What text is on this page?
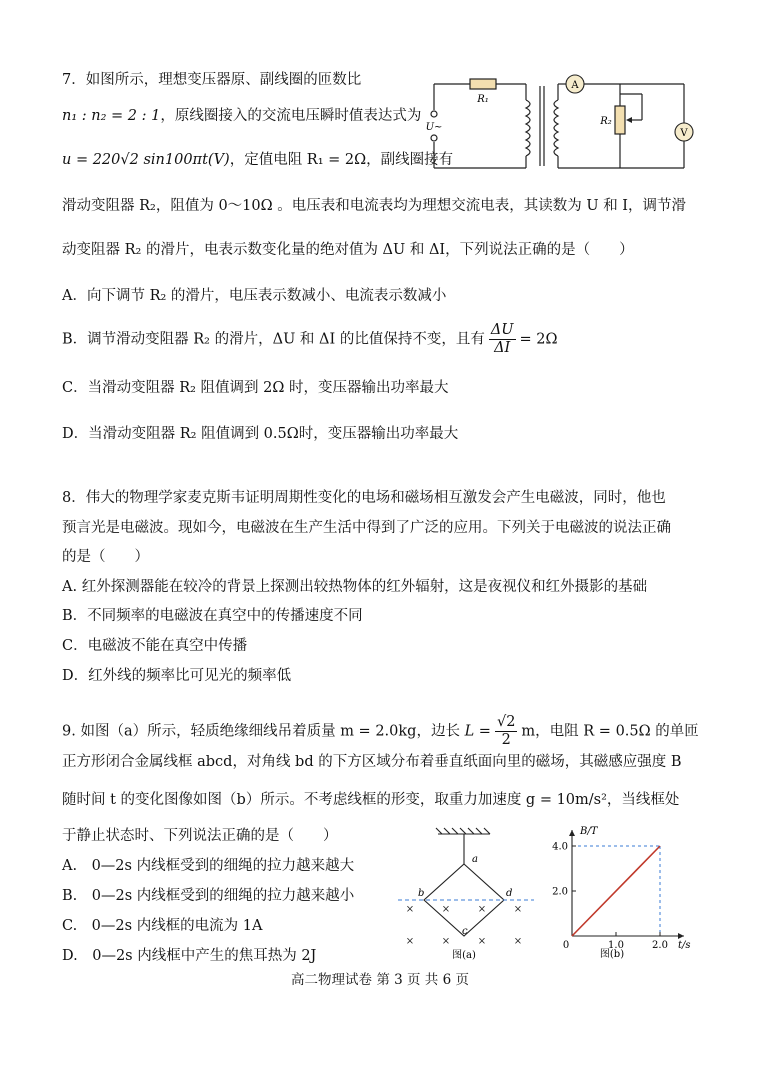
7．如图所示，理想变压器原、副线圈的匝数比
n₁ : n₂ = 2 : 1，原线圈接入的交流电压瞬时值表达式为
u = 220√2 sin100πt(V)，定值电阻 R₁ = 2Ω，副线圈接有
R₁
R₂
U~
A
V
滑动变阻器 R₂，阻值为 0～10Ω 。电压表和电流表均为理想交流电表，其读数为 U 和 I，调节滑
动变阻器 R₂ 的滑片，电表示数变化量的绝对值为 ΔU 和 ΔI，下列说法正确的是（　　）
A．向下调节 R₂ 的滑片，电压表示数减小、电流表示数减小
B．调节滑动变阻器 R₂ 的滑片，ΔU 和 ΔI 的比值保持不变，且有 $\frac{\Delta U}{\Delta I} = 2\Omega$
C．当滑动变阻器 R₂ 阻值调到 2Ω 时，变压器输出功率最大
D．当滑动变阻器 R₂ 阻值调到 0.5Ω时，变压器输出功率最大
8．伟大的物理学家麦克斯韦证明周期性变化的电场和磁场相互激发会产生电磁波，同时，他也
预言光是电磁波。现如今，电磁波在生产生活中得到了广泛的应用。下列关于电磁波的说法正确
的是（　　）
A. 红外探测器能在较冷的背景上探测出较热物体的红外辐射，这是夜视仪和红外摄影的基础
B．不同频率的电磁波在真空中的传播速度不同
C．电磁波不能在真空中传播
D．红外线的频率比可见光的频率低
9. 如图（a）所示，轻质绝缘细线吊着质量 m = 2.0kg，边长 $L = \frac{√2}{2}$ m，电阻 R = 0.5Ω 的单匝
正方形闭合金属线框 abcd，对角线 bd 的下方区域分布着垂直纸面向里的磁场，其磁感应强度 B
随时间 t 的变化图像如图（b）所示。不考虑线框的形变，取重力加速度 g = 10m/s²，当线框处
于静止状态时、下列说法正确的是（　　）
A.　0—2s 内线框受到的细绳的拉力越来越大
B.　0—2s 内线框受到的细绳的拉力越来越小
C.　0—2s 内线框的电流为 1A
D.　0—2s 内线框中产生的焦耳热为 2J
×	×	×	×
×	×	×	×
a
b
c
d
图(a)
B/T
t/s
0
图(b)
1.0	2.0
2.0
4.0
高二物理试卷 第 3 页 共 6 页
